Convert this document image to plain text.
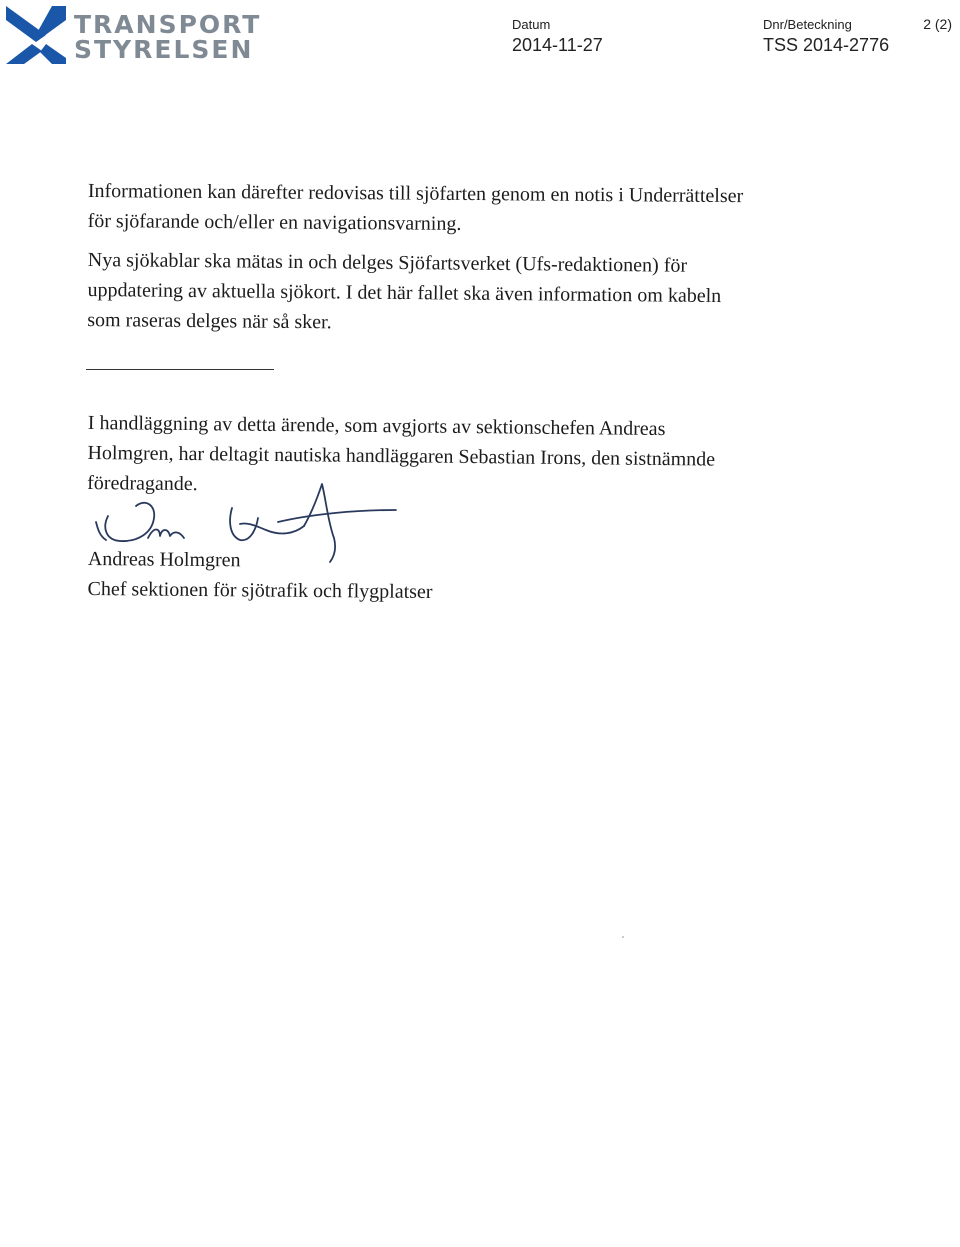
TRANSPORT
STYRELSEN
Datum
2014-11-27
Dnr/Beteckning
TSS 2014-2776
2 (2)

Informationen kan därefter redovisas till sjöfarten genom en notis i Underrättelser
för sjöfarande och/eller en navigationsvarning.

Nya sjökablar ska mätas in och delges Sjöfartsverket (Ufs-redaktionen) för
uppdatering av aktuella sjökort. I det här fallet ska även information om kabeln
som raseras delges när så sker.

I handläggning av detta ärende, som avgjorts av sektionschefen Andreas
Holmgren, har deltagit nautiska handläggaren Sebastian Irons, den sistnämnde
föredragande.

Andreas Holmgren
Chef sektionen för sjötrafik och flygplatser
